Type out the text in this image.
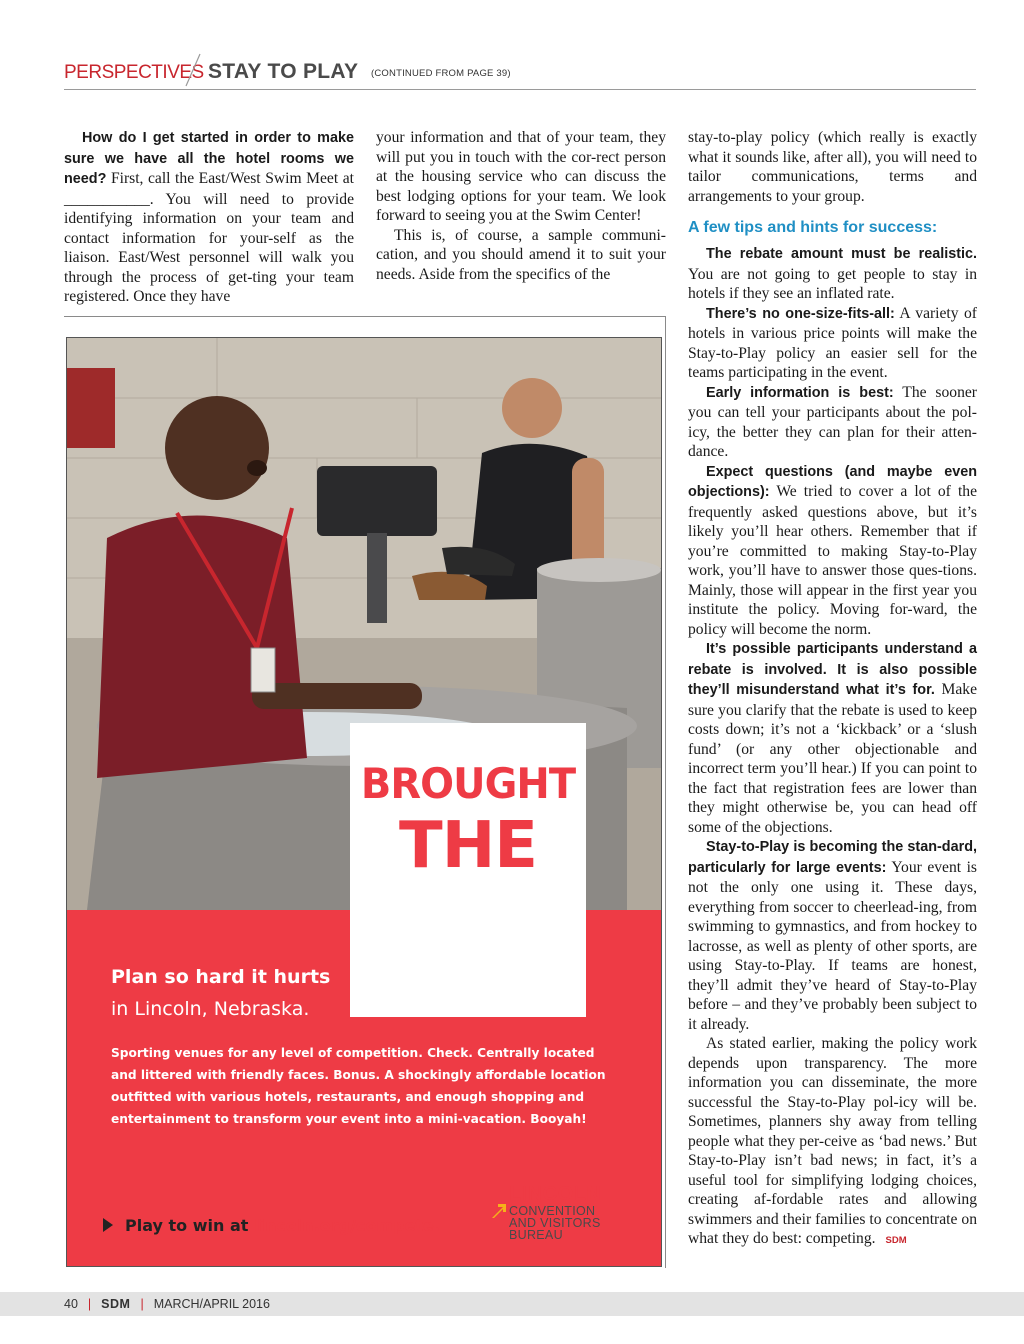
PERSPECTIVES STAY TO PLAY (CONTINUED FROM PAGE 39)

How do I get started in order to make sure we have all the hotel rooms we need? First, call the East/West Swim Meet at ___________. You will need to provide identifying information on your team and contact information for your-self as the liaison. East/West personnel will walk you through the process of get-ting your team registered. Once they have

your information and that of your team, they will put you in touch with the cor-rect person at the housing service who can discuss the best lodging options for your team. We look forward to seeing you at the Swim Center!

This is, of course, a sample communi-cation, and you should amend it to suit your needs. Aside from the specifics of the

stay-to-play policy (which really is exactly what it sounds like, after all), you will need to tailor communications, terms and arrangements to your group.

A few tips and hints for success:

The rebate amount must be realistic. You are not going to get people to stay in hotels if they see an inflated rate.

There’s no one-size-fits-all: A variety of hotels in various price points will make the Stay-to-Play policy an easier sell for the teams participating in the event.

Early information is best: The sooner you can tell your participants about the pol-icy, the better they can plan for their atten-dance.

Expect questions (and maybe even objections): We tried to cover a lot of the frequently asked questions above, but it’s likely you’ll hear others. Remember that if you’re committed to making Stay-to-Play work, you’ll have to answer those ques-tions. Mainly, those will appear in the first year you institute the policy. Moving for-ward, the policy will become the norm.

It’s possible participants understand a rebate is involved. It is also possible they’ll misunderstand what it’s for. Make sure you clarify that the rebate is used to keep costs down; it’s not a ‘kickback’ or a ‘slush fund’ (or any other objectionable and incorrect term you’ll hear.) If you can point to the fact that registration fees are lower than they might otherwise be, you can head off some of the objections.

Stay-to-Play is becoming the stan-dard, particularly for large events: Your event is not the only one using it. These days, everything from soccer to cheerlead-ing, from swimming to gymnastics, and from hockey to lacrosse, as well as plenty of other sports, are using Stay-to-Play. If teams are honest, they’ll admit they’ve heard of Stay-to-Play before – and they’ve probably been subject to it already.

As stated earlier, making the policy work depends upon transparency. The more information you can disseminate, the more successful the Stay-to-Play pol-icy will be. Sometimes, planners shy away from telling people what they per-ceive as ‘bad news.’ But Stay-to-Play isn’t bad news; in fact, it’s a useful tool for simplifying lodging choices, creating af-fordable rates and allowing swimmers and their families to concentrate on what they do best: competing. SDM

BROUGHT
THE
HEAT
Plan so hard it hurts
in Lincoln, Nebraska.
Sporting venues for any level of competition. Check. Centrally located and littered with friendly faces. Bonus. A shockingly affordable location outfitted with various hotels, restaurants, and enough shopping and entertainment to transform your event into a mini-vacation. Booyah!
Play to win at lincoln.org/compete.
LINCOLN
CONVENTION
AND VISITORS
BUREAU
40 | SDM | MARCH/APRIL 2016
